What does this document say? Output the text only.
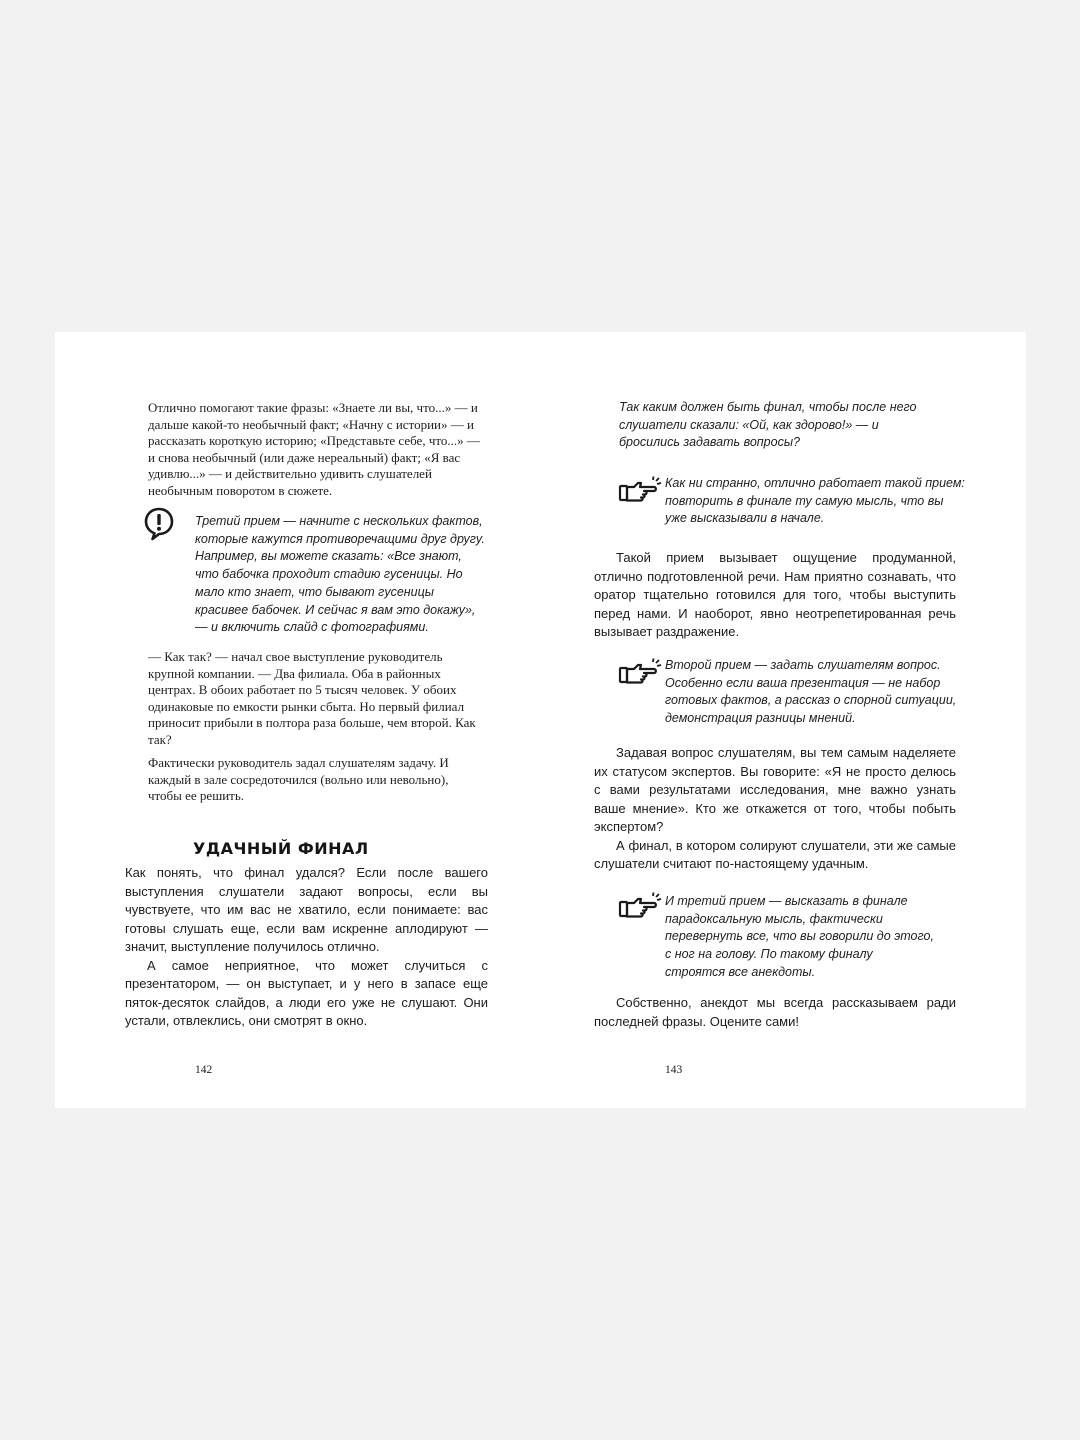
Отлично помогают такие фразы: «Знаете ли вы, что...» — и дальше какой-то необычный факт; «Начну с истории» — и рассказать короткую историю; «Представьте себе, что...» — и снова необычный (или даже нереальный) факт; «Я вас удивлю...» — и действительно удивить слушателей необычным поворотом в сюжете.

Третий прием — начните с нескольких фактов, которые кажутся противоречащими друг другу. Например, вы можете сказать: «Все знают, что бабочка проходит стадию гусеницы. Но мало кто знает, что бывают гусеницы красивее бабочек. И сейчас я вам это докажу», — и включить слайд с фотографиями.

— Как так? — начал свое выступление руководитель крупной компании. — Два филиала. Оба в районных центрах. В обоих работает по 5 тысяч человек. У обоих одинаковые по емкости рынки сбыта. Но первый филиал приносит прибыли в полтора раза больше, чем второй. Как так?

Фактически руководитель задал слушателям задачу. И каждый в зале сосредоточился (вольно или невольно), чтобы ее решить.

УДАЧНЫЙ ФИНАЛ

Как понять, что финал удался? Если после вашего выступления слушатели задают вопросы, если вы чувствуете, что им вас не хватило, если понимаете: вас готовы слушать еще, если вам искренне аплодируют — значит, выступление получилось отлично.

А самое неприятное, что может случиться с презентатором, — он выступает, и у него в запасе еще пяток-десяток слайдов, а люди его уже не слушают. Они устали, отвлеклись, они смотрят в окно.

142
Так каким должен быть финал, чтобы после него слушатели сказали: «Ой, как здорово!» — и бросились задавать вопросы?
Как ни странно, отлично работает такой прием: повторить в финале ту самую мысль, что вы уже высказывали в начале.

Такой прием вызывает ощущение продуманной, отлично подготовленной речи. Нам приятно сознавать, что оратор тщательно готовился для того, чтобы выступить перед нами. И наоборот, явно неотрепетированная речь вызывает раздражение.

Второй прием — задать слушателям вопрос. Особенно если ваша презентация — не набор готовых фактов, а рассказ о спорной ситуации, демонстрация разницы мнений.

Задавая вопрос слушателям, вы тем самым наделяете их статусом экспертов. Вы говорите: «Я не просто делюсь с вами результатами исследования, мне важно узнать ваше мнение». Кто же откажется от того, чтобы побыть экспертом?

А финал, в котором солируют слушатели, эти же самые слушатели считают по-настоящему удачным.

И третий прием — высказать в финале парадоксальную мысль, фактически перевернуть все, что вы говорили до этого, с ног на голову. По такому финалу строятся все анекдоты.

Собственно, анекдот мы всегда рассказываем ради последней фразы. Оцените сами!

143
